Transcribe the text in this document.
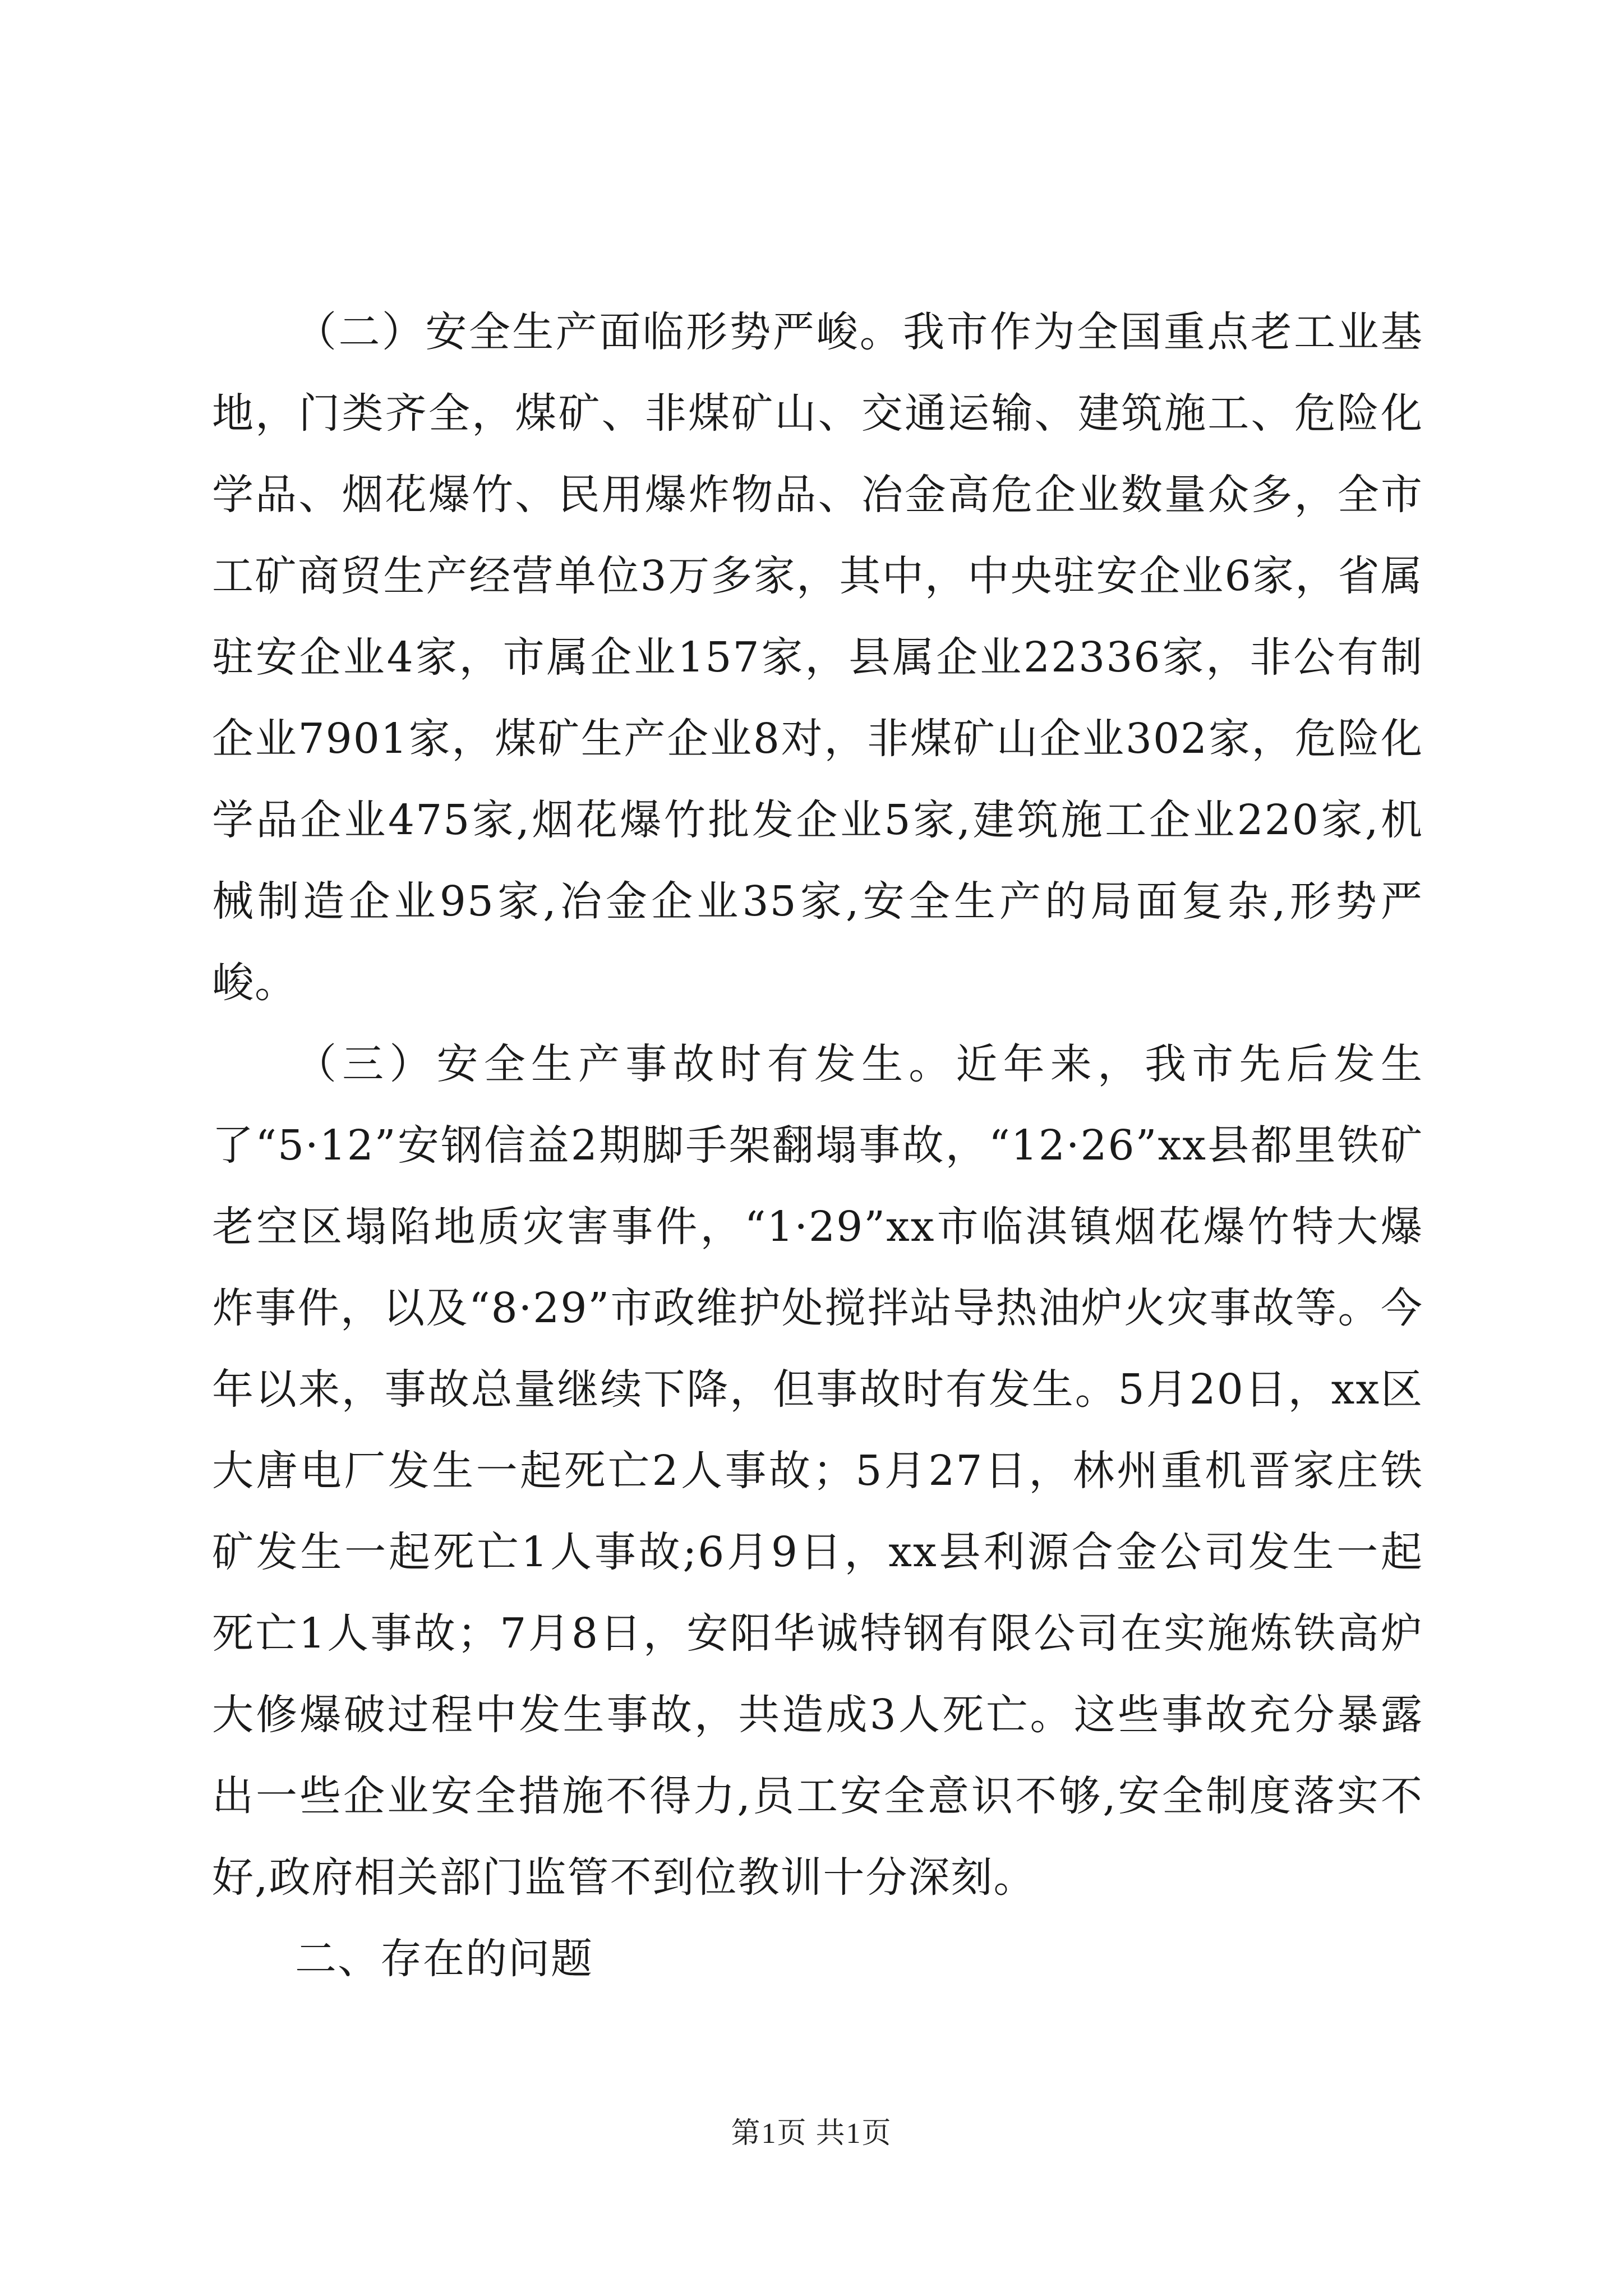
（二）安全生产面临形势严峻。我市作为全国重点老工业基地，门类齐全，煤矿、非煤矿山、交通运输、建筑施工、危险化学品、烟花爆竹、民用爆炸物品、冶金高危企业数量众多，全市工矿商贸生产经营单位3万多家，其中，中央驻安企业6家，省属驻安企业4家，市属企业157家，县属企业22336家，非公有制企业7901家，煤矿生产企业8对，非煤矿山企业302家，危险化学品企业475家,烟花爆竹批发企业5家,建筑施工企业220家,机械制造企业95家,冶金企业35家,安全生产的局面复杂,形势严峻。

（三）安全生产事故时有发生。近年来，我市先后发生了“5·12”安钢信益2期脚手架翻塌事故，“12·26”xx县都里铁矿老空区塌陷地质灾害事件，“1·29”xx市临淇镇烟花爆竹特大爆炸事件，以及“8·29”市政维护处搅拌站导热油炉火灾事故等。今年以来，事故总量继续下降，但事故时有发生。5月20日，xx区大唐电厂发生一起死亡2人事故；5月27日，林州重机晋家庄铁矿发生一起死亡1人事故;6月9日，xx县利源合金公司发生一起死亡1人事故；7月8日，安阳华诚特钢有限公司在实施炼铁高炉大修爆破过程中发生事故，共造成3人死亡。这些事故充分暴露出一些企业安全措施不得力,员工安全意识不够,安全制度落实不好,政府相关部门监管不到位教训十分深刻。

二、存在的问题

第1页 共1页
